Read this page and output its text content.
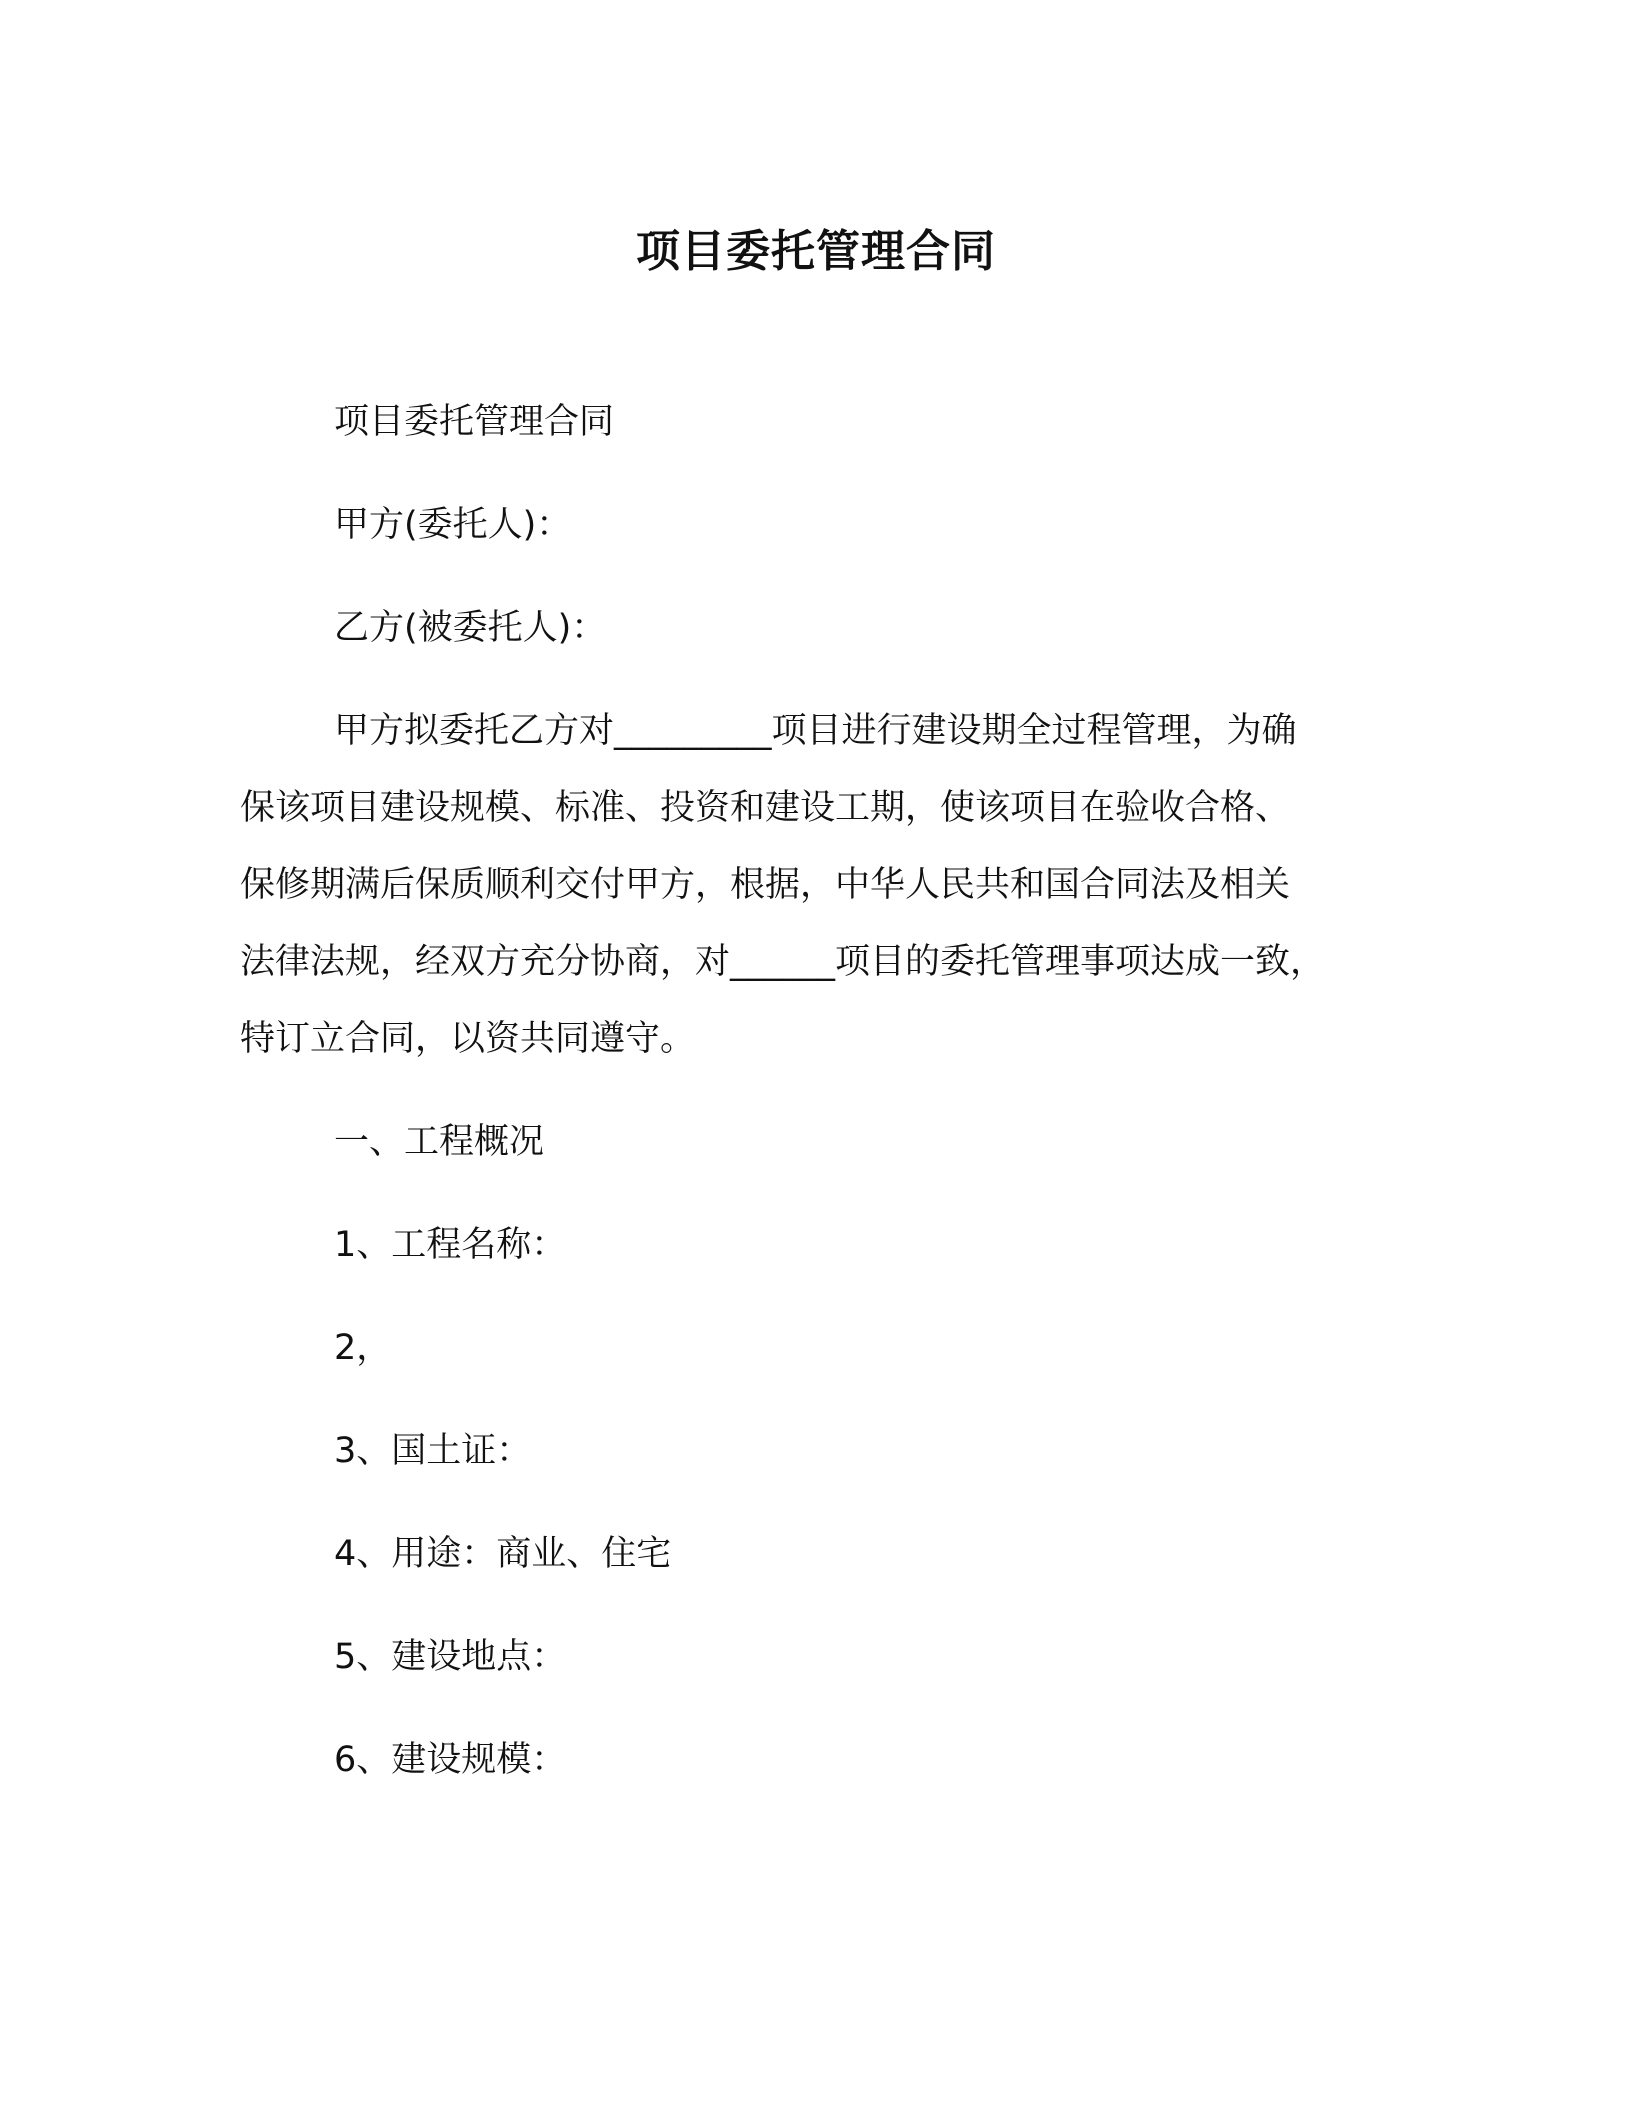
项目委托管理合同
项目委托管理合同
甲方(委托人)：
乙方(被委托人)：
甲方拟委托乙方对_________项目进行建设期全过程管理，为确
保该项目建设规模、标准、投资和建设工期，使该项目在验收合格、
保修期满后保质顺利交付甲方，根据，中华人民共和国合同法及相关
法律法规，经双方充分协商，对______项目的委托管理事项达成一致，
特订立合同，以资共同遵守。
一、工程概况
1、工程名称：
2，
3、国土证：
4、用途：商业、住宅
5、建设地点：
6、建设规模：
